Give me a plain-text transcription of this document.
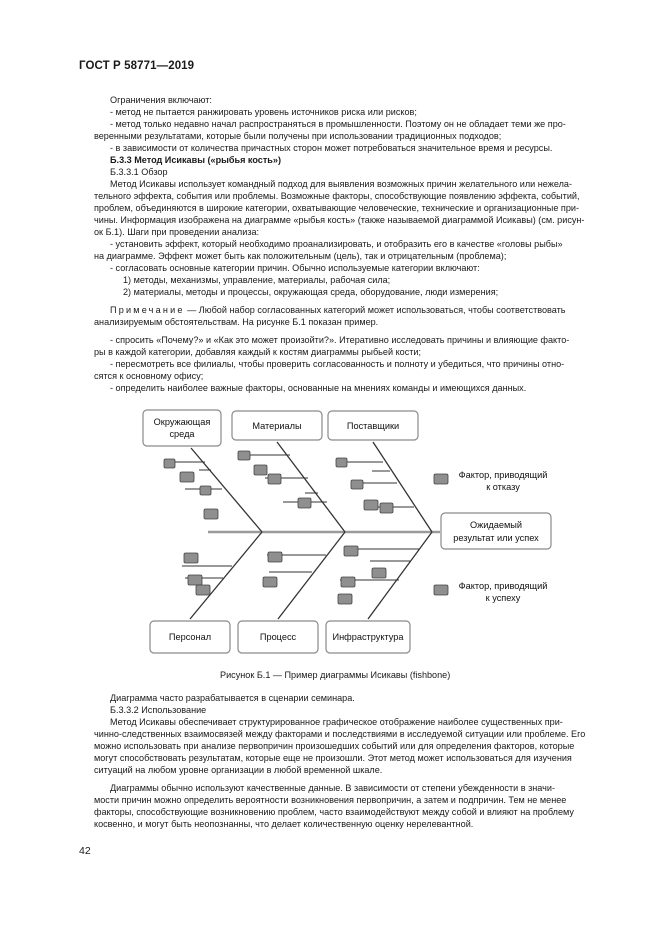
ГОСТ Р 58771—2019
Ограничения включают:
- метод не пытается ранжировать уровень источников риска или рисков;
- метод только недавно начал распространяться в промышленности. Поэтому он не обладает теми же про-
веренными результатами, которые были получены при использовании традиционных подходов;
- в зависимости от количества причастных сторон может потребоваться значительное время и ресурсы.
Б.3.3 Метод Исикавы («рыбья кость»)
Б.3.3.1 Обзор
Метод Исикавы использует командный подход для выявления возможных причин желательного или нежела-
тельного эффекта, события или проблемы. Возможные факторы, способствующие появлению эффекта, событий,
проблем, объединяются в широкие категории, охватывающие человеческие, технические и организационные при-
чины. Информация изображена на диаграмме «рыбья кость» (также называемой диаграммой Исикавы) (см. рисун-
ок Б.1). Шаги при проведении анализа:
- установить эффект, который необходимо проанализировать, и отобразить его в качестве «головы рыбы»
на диаграмме. Эффект может быть как положительным (цель), так и отрицательным (проблема);
- согласовать основные категории причин. Обычно используемые категории включают:
1) методы, механизмы, управление, материалы, рабочая сила;
2) материалы, методы и процессы, окружающая среда, оборудование, люди измерения;
Примечание — Любой набор согласованных категорий может использоваться, чтобы соответствовать
анализируемым обстоятельствам. На рисунке Б.1 показан пример.
- спросить «Почему?» и «Как это может произойти?». Итеративно исследовать причины и влияющие факто-
ры в каждой категории, добавляя каждый к костям диаграммы рыбьей кости;
- пересмотреть все филиалы, чтобы проверить согласованность и полноту и убедиться, что причины отно-
сятся к основному офису;
- определить наиболее важные факторы, основанные на мнениях команды и имеющихся данных.
Окружающая
среда
Материалы	Поставщики
Персонал	Процесс	Инфраструктура
Ожидаемый
результат или успех
Фактор, приводящий
к отказу
Фактор, приводящий
к успеху
Рисунок Б.1 — Пример диаграммы Исикавы (fishbone)
Диаграмма часто разрабатывается в сценарии семинара.
Б.3.3.2 Использование
Метод Исикавы обеспечивает структурированное графическое отображение наиболее существенных при-
чинно-следственных взаимосвязей между факторами и последствиями в исследуемой ситуации или проблеме. Его
можно использовать при анализе первопричин произошедших событий или для определения факторов, которые
могут способствовать результатам, которые еще не произошли. Этот метод может использоваться для изучения
ситуаций на любом уровне организации в любой временной шкале.
Диаграммы обычно используют качественные данные. В зависимости от степени убежденности в значи-
мости причин можно определить вероятности возникновения первопричин, а затем и подпричин. Тем не менее
факторы, способствующие возникновению проблем, часто взаимодействуют между собой и влияют на проблему
косвенно, и могут быть неопознанны, что делает количественную оценку нерелевантной.
42
